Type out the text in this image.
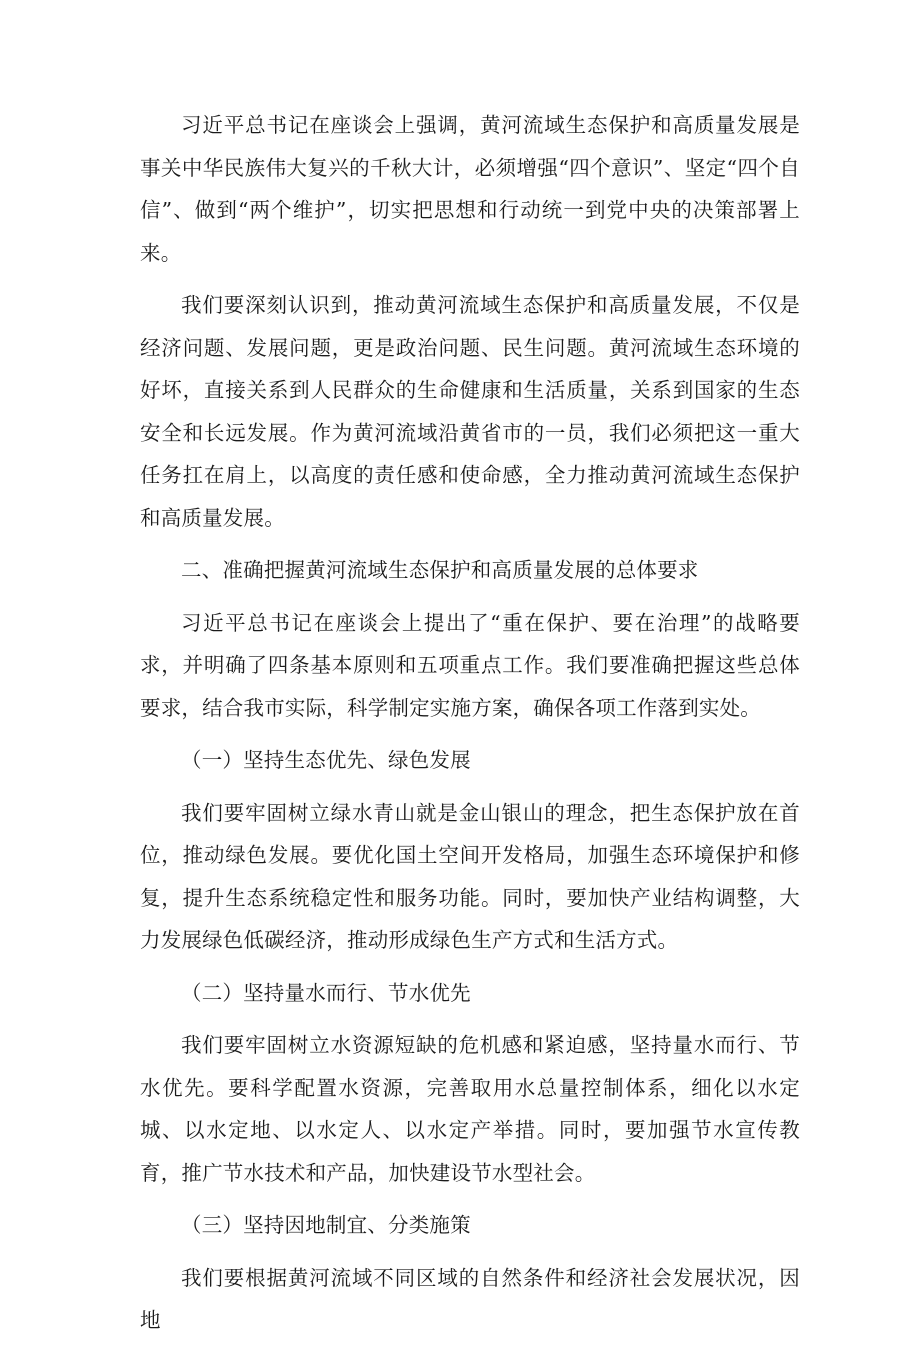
习近平总书记在座谈会上强调，黄河流域生态保护和高质量发展是事关中华民族伟大复兴的千秋大计，必须增强“四个意识”、坚定“四个自信”、做到“两个维护”，切实把思想和行动统一到党中央的决策部署上来。

我们要深刻认识到，推动黄河流域生态保护和高质量发展，不仅是经济问题、发展问题，更是政治问题、民生问题。黄河流域生态环境的好坏，直接关系到人民群众的生命健康和生活质量，关系到国家的生态安全和长远发展。作为黄河流域沿黄省市的一员，我们必须把这一重大任务扛在肩上，以高度的责任感和使命感，全力推动黄河流域生态保护和高质量发展。

二、准确把握黄河流域生态保护和高质量发展的总体要求

习近平总书记在座谈会上提出了“重在保护、要在治理”的战略要求，并明确了四条基本原则和五项重点工作。我们要准确把握这些总体要求，结合我市实际，科学制定实施方案，确保各项工作落到实处。

（一）坚持生态优先、绿色发展

我们要牢固树立绿水青山就是金山银山的理念，把生态保护放在首位，推动绿色发展。要优化国土空间开发格局，加强生态环境保护和修复，提升生态系统稳定性和服务功能。同时，要加快产业结构调整，大力发展绿色低碳经济，推动形成绿色生产方式和生活方式。

（二）坚持量水而行、节水优先

我们要牢固树立水资源短缺的危机感和紧迫感，坚持量水而行、节水优先。要科学配置水资源，完善取用水总量控制体系，细化以水定城、以水定地、以水定人、以水定产举措。同时，要加强节水宣传教育，推广节水技术和产品，加快建设节水型社会。

（三）坚持因地制宜、分类施策

我们要根据黄河流域不同区域的自然条件和经济社会发展状况，因地
